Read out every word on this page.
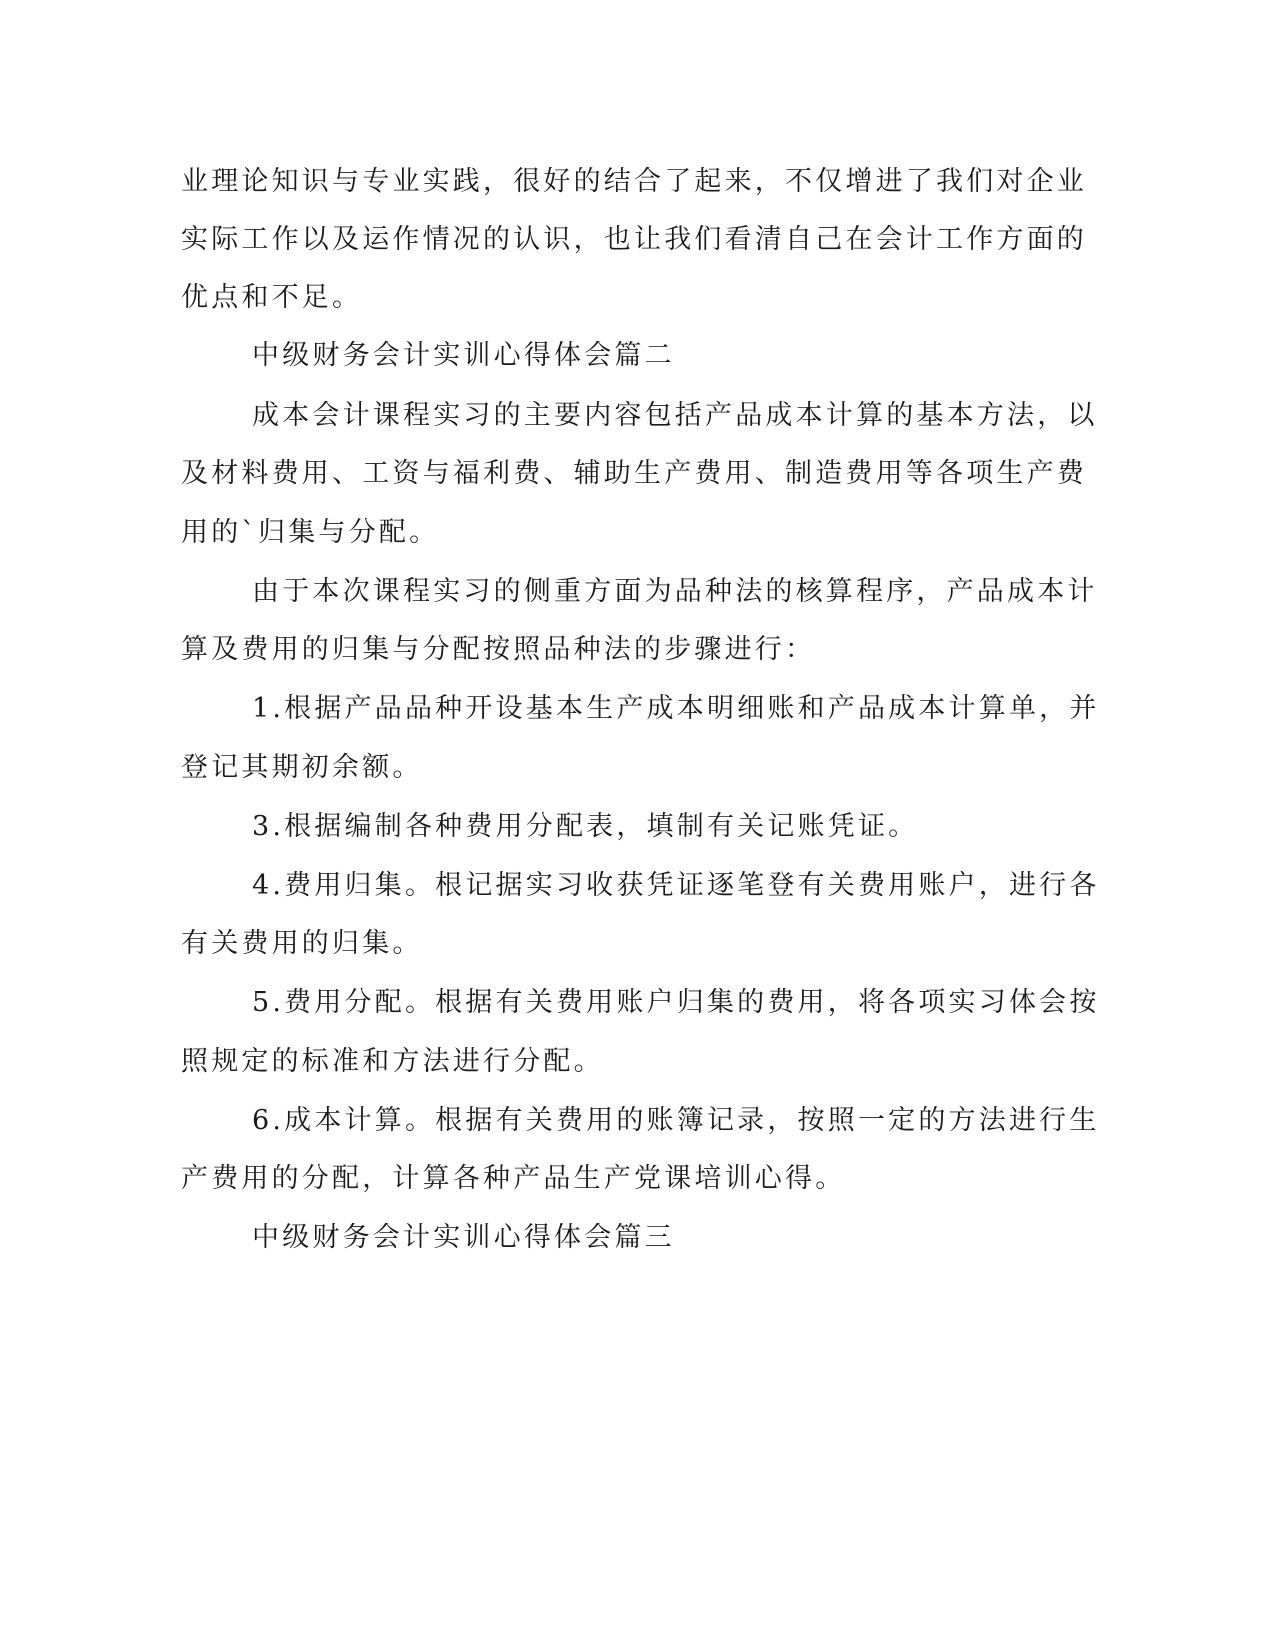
业理论知识与专业实践，很好的结合了起来，不仅增进了我们对企业
实际工作以及运作情况的认识，也让我们看清自己在会计工作方面的
优点和不足。
中级财务会计实训心得体会篇二
成本会计课程实习的主要内容包括产品成本计算的基本方法，以
及材料费用、工资与福利费、辅助生产费用、制造费用等各项生产费
用的`归集与分配。
由于本次课程实习的侧重方面为品种法的核算程序，产品成本计
算及费用的归集与分配按照品种法的步骤进行：
1.根据产品品种开设基本生产成本明细账和产品成本计算单，并
登记其期初余额。
3.根据编制各种费用分配表，填制有关记账凭证。
4.费用归集。根记据实习收获凭证逐笔登有关费用账户，进行各
有关费用的归集。
5.费用分配。根据有关费用账户归集的费用，将各项实习体会按
照规定的标准和方法进行分配。
6.成本计算。根据有关费用的账簿记录，按照一定的方法进行生
产费用的分配，计算各种产品生产党课培训心得。
中级财务会计实训心得体会篇三
